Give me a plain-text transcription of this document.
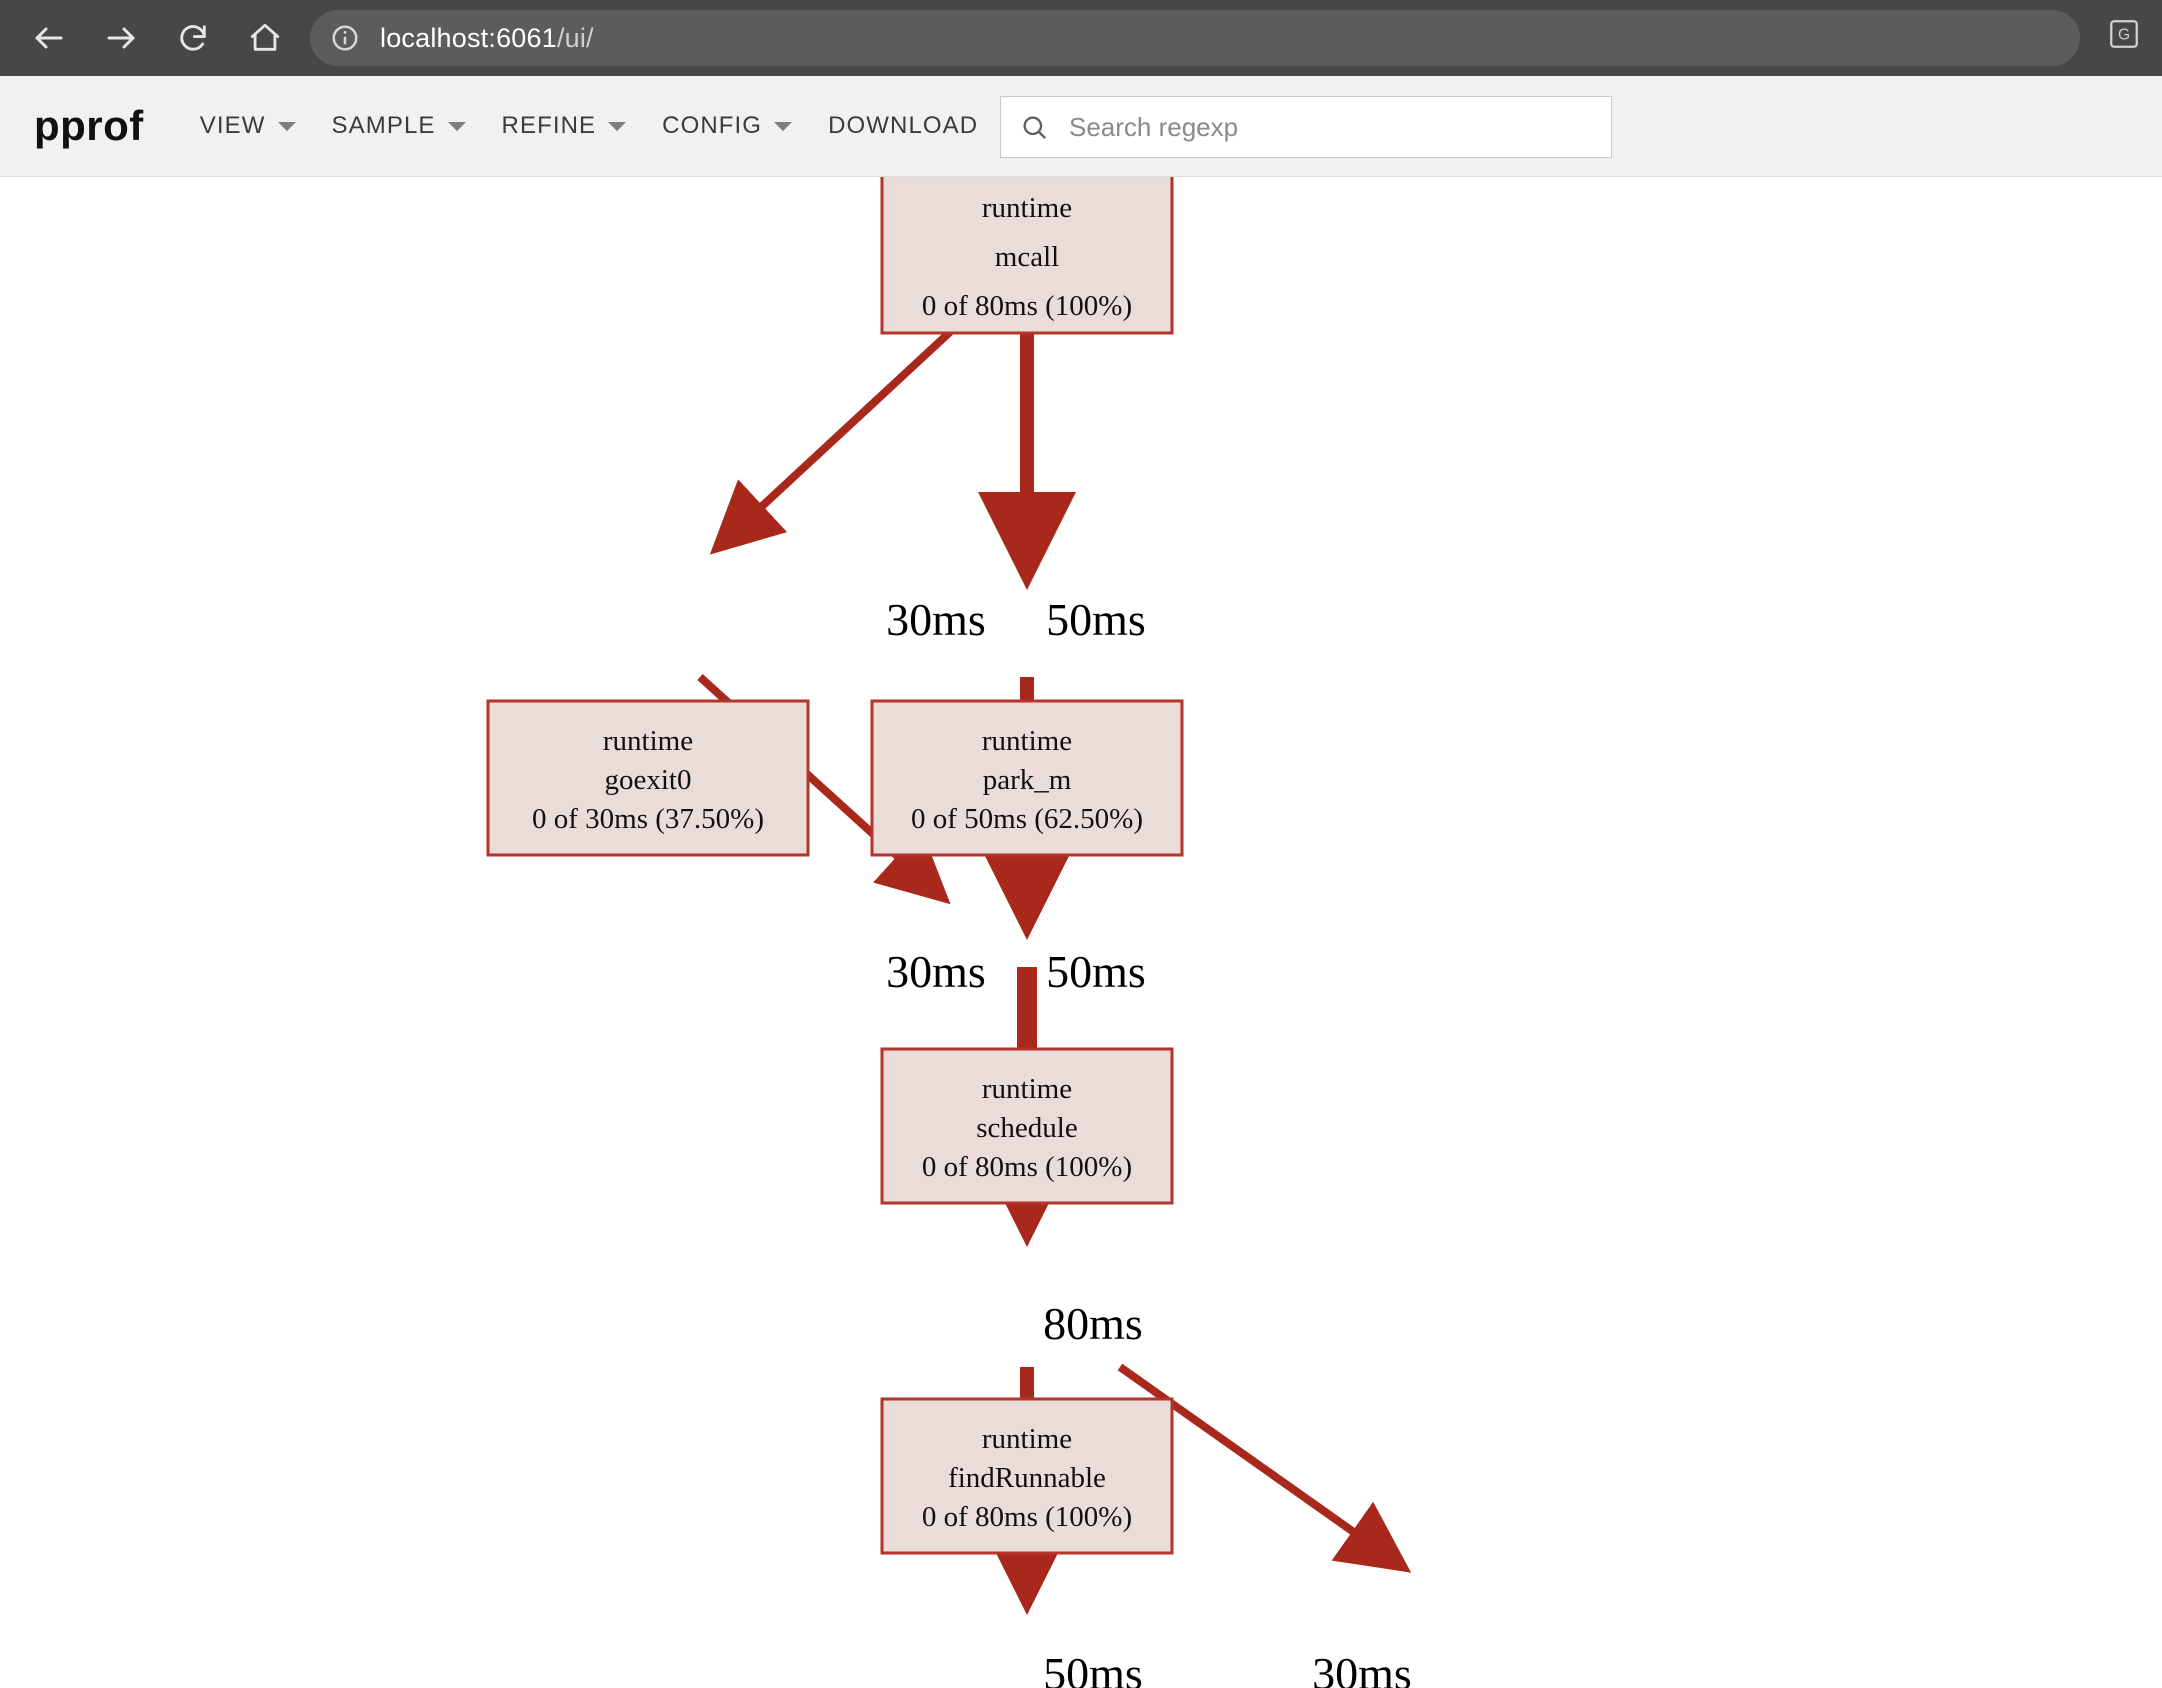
localhost:6061/ui/	G
pprof VIEW	SAMPLE	REFINE	CONFIG	DOWNLOAD
Search regexp
30ms 50ms
30ms 50ms
80ms
50ms	30ms
runtime
mcall
0 of 80ms (100%)
runtime
goexit0
0 of 30ms (37.50%)
runtime
park_m
0 of 50ms (62.50%)
runtime
schedule
0 of 80ms (100%)
runtime
findRunnable
0 of 80ms (100%)
